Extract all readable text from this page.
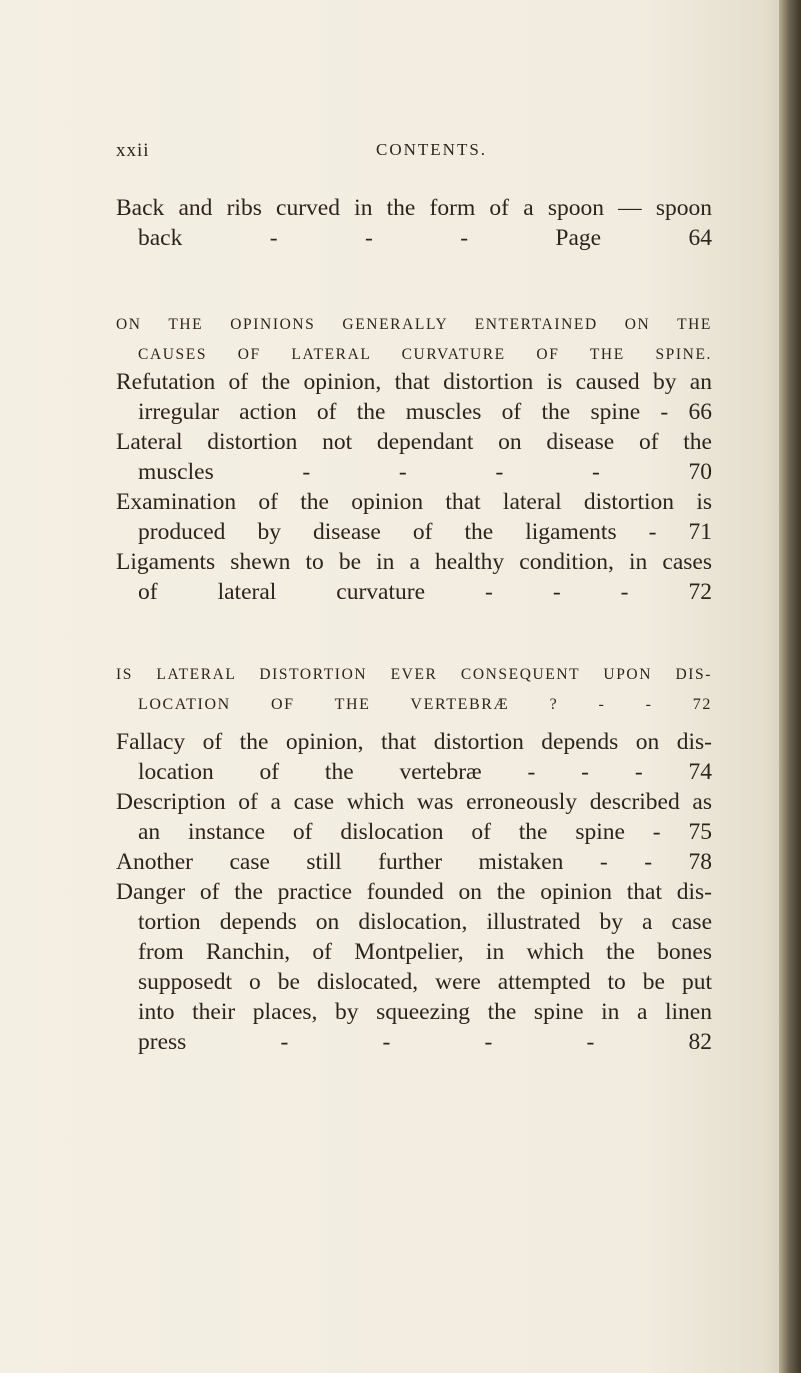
xxii	CONTENTS.
Back and ribs curved in the form of a spoon — spoon
back - - - Page 64
ON THE OPINIONS GENERALLY ENTERTAINED ON THE
CAUSES OF LATERAL CURVATURE OF THE SPINE.
Refutation of the opinion, that distortion is caused by an
irregular action of the muscles of the spine - 66
Lateral distortion not dependant on disease of the
muscles - - - - 70
Examination of the opinion that lateral distortion is
produced by disease of the ligaments - 71
Ligaments shewn to be in a healthy condition, in cases
of lateral curvature - - - 72
IS LATERAL DISTORTION EVER CONSEQUENT UPON DIS-
LOCATION OF THE VERTEBRÆ ? - - 72
Fallacy of the opinion, that distortion depends on dis-
location of the vertebræ - - - 74
Description of a case which was erroneously described as
an instance of dislocation of the spine - 75
Another case still further mistaken - - 78
Danger of the practice founded on the opinion that dis-
tortion depends on dislocation, illustrated by a case
from Ranchin, of Montpelier, in which the bones
supposedt o be dislocated, were attempted to be put
into their places, by squeezing the spine in a linen
press - - - - 82
